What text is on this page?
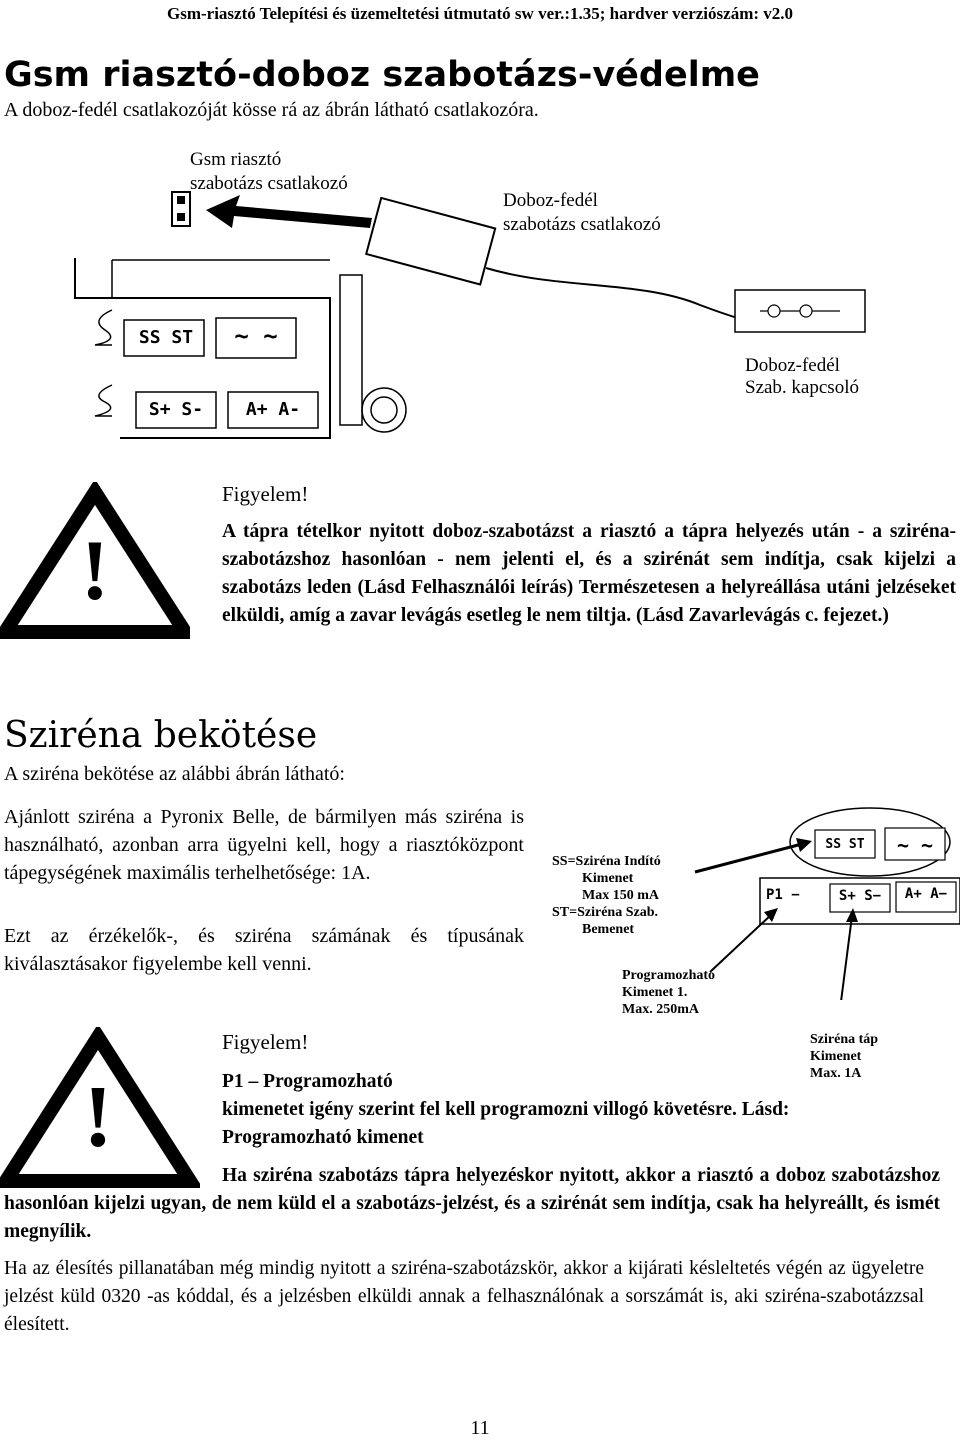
Gsm-riasztó Telepítési és üzemeltetési útmutató sw ver.:1.35; hardver verziószám: v2.0
Gsm riasztó-doboz szabotázs-védelme
A doboz-fedél csatlakozóját kösse rá az ábrán látható csatlakozóra.
Gsm riasztó
szabotázs csatlakozó
Doboz-fedél
szabotázs csatlakozó
Doboz-fedél
Szab. kapcsoló
SS ST	~ ~
S+ S-	A+ A-
!
Figyelem!
A tápra tételkor nyitott doboz-szabotázst a riasztó a tápra helyezés után - a sziréna-szabotázshoz hasonlóan - nem jelenti el, és a szirénát sem indítja, csak kijelzi a szabotázs leden (Lásd Felhasználói leírás) Természetesen a helyreállása utáni jelzéseket elküldi, amíg a zavar levágás esetleg le nem tiltja. (Lásd Zavarlevágás c. fejezet.)
Sziréna bekötése
A sziréna bekötése az alábbi ábrán látható:
Ajánlott sziréna a Pyronix Belle, de bármilyen más sziréna is használható, azonban arra ügyelni kell, hogy a riasztóközpont tápegységének maximális terhelhetősége: 1A.
Ezt az érzékelők-, és sziréna számának és típusának kiválasztásakor figyelembe kell venni.
SS ST	~ ~
P1 −	S+ S−	A+ A−
SS=Sziréna Indító
Kimenet
Max 150 mA
ST=Sziréna Szab.
Bemenet
Programozható
Kimenet 1.
Max. 250mA
Sziréna táp
Kimenet
Max. 1A
!
Figyelem!
P1 – Programozható
kimenetet igény szerint fel kell programozni villogó követésre. Lásd:
Programozható kimenet
Ha sziréna szabotázs tápra helyezéskor nyitott, akkor a riasztó a doboz szabotázshoz hasonlóan kijelzi ugyan, de nem küld el a szabotázs-jelzést, és a szirénát sem indítja, csak ha helyreállt, és ismét megnyílik.
Ha az élesítés pillanatában még mindig nyitott a sziréna-szabotázskör, akkor a kijárati késleltetés végén az ügyeletre jelzést küld 0320 -as kóddal, és a jelzésben elküldi annak a felhasználónak a sorszámát is, aki sziréna-szabotázzsal élesített.
11
